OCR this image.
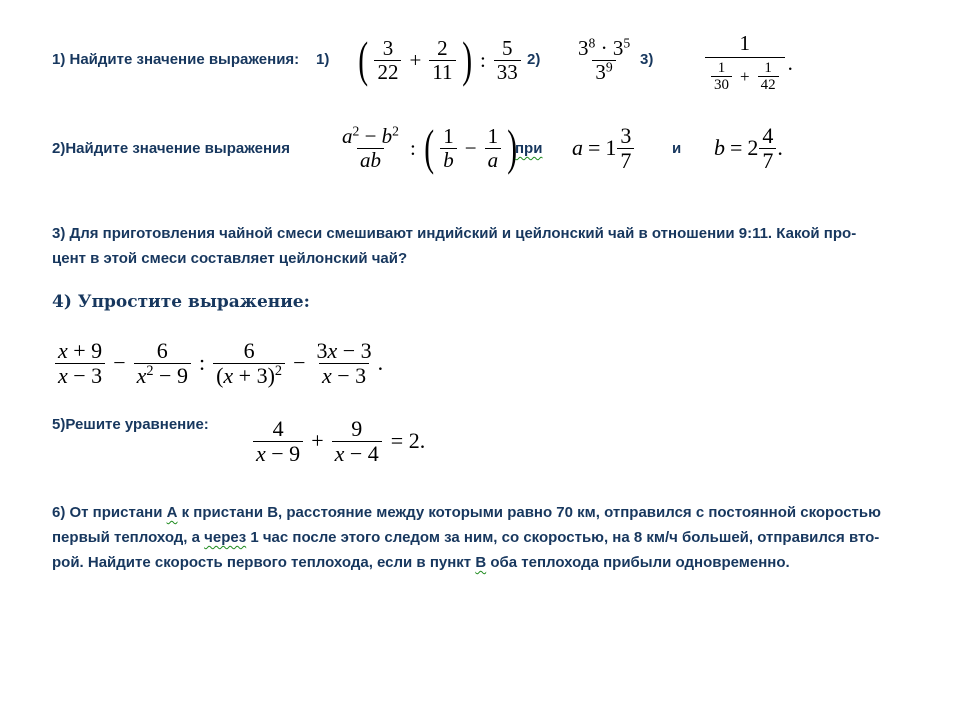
1) Найдите значение выражения: 1) ( 3
$22 + \frac{2}{11}$ ) : 5
33 2) $3^8 \cdot 3^5$
$3^9$ 3)
1
1
$30 + \frac{1}{42}$ .
2)Найдите значение выражения
$a^2 - b^2$
ab : ( 1
$b - \frac{1}{a}$ )
при a = 1 3
7	и b = 2 4
7 .
3) Для приготовления чайной смеси смешивают индийский и цейлонский чай в отношении 9:11. Какой про-
цент в этой смеси составляет цейлонский чай?
4) Упростите выражение:
x + 9
$x - 3 - \frac{6}{x^2 - 9}$ : 6
$(x + 3)^2 - \frac{3x - 3}{x - 3}$ .
5)Решите уравнение:	4
$x - 9 + \frac{9}{x - 4} = 2$.
6) От пристани А к пристани В, расстояние между которыми равно 70 км, отправился с постоянной скоростью
первый теплоход, а через 1 час после этого следом за ним, со скоростью, на 8 км/ч большей, отправился вто-
рой. Найдите скорость первого теплохода, если в пункт В оба теплохода прибыли одновременно.
